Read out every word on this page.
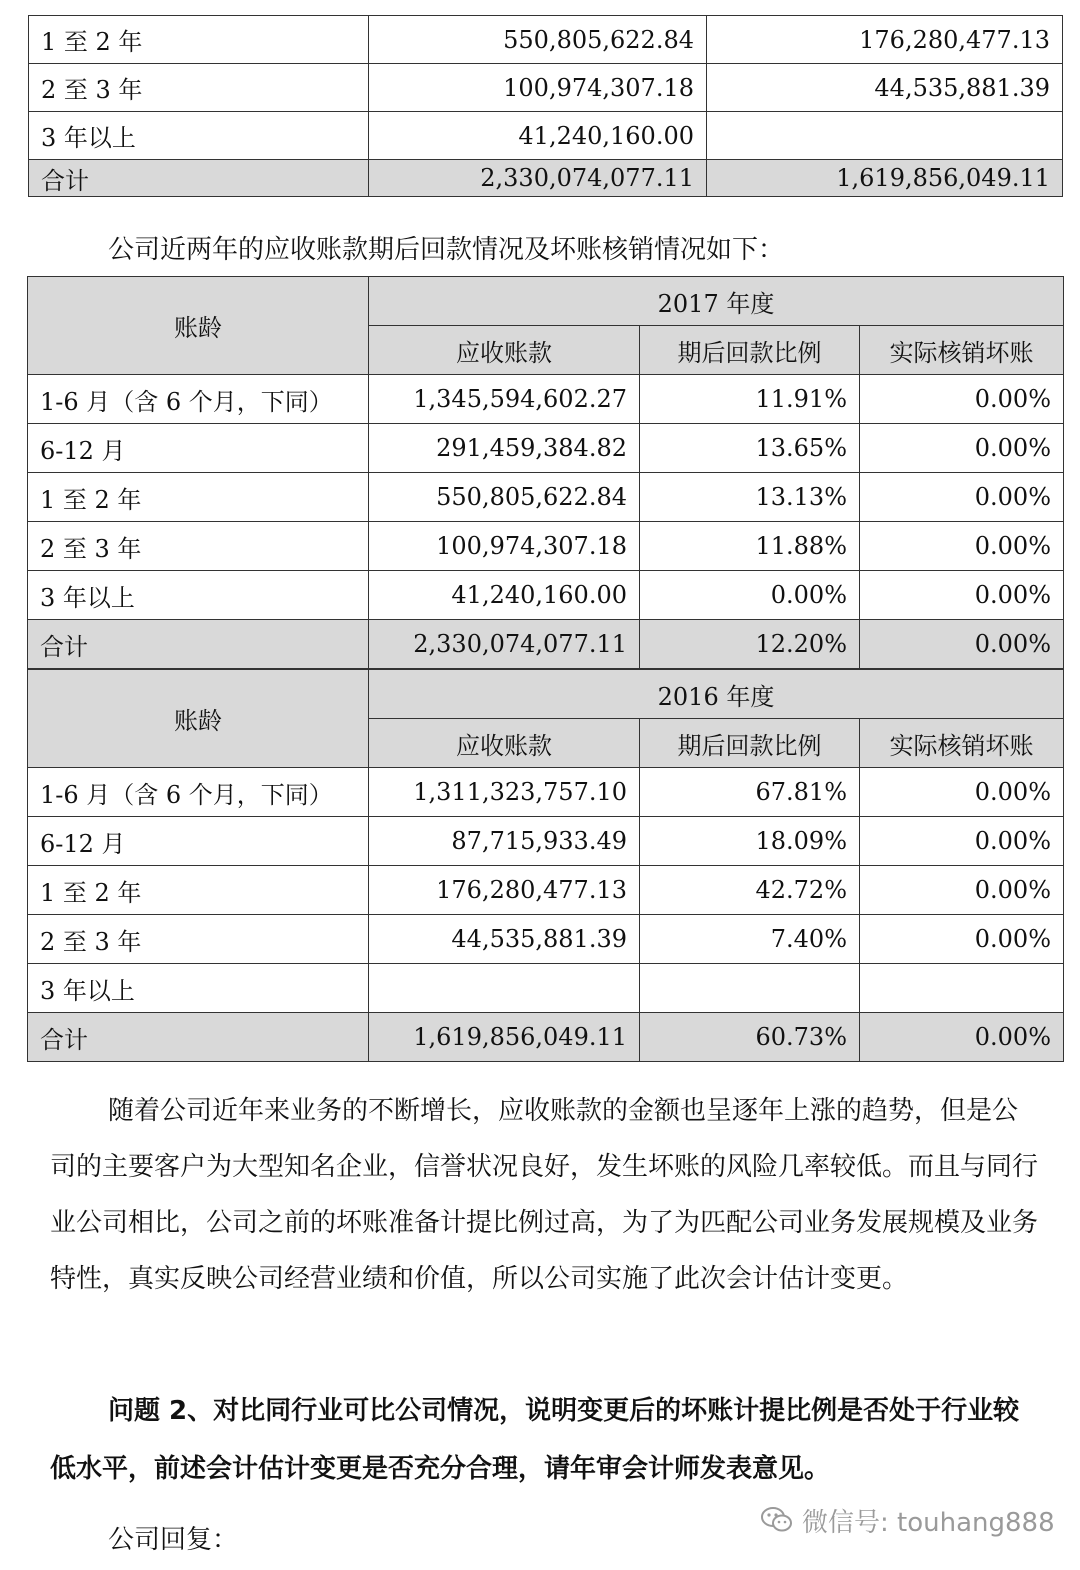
1 至 2 年	550,805,622.84	176,280,477.13
2 至 3 年	100,974,307.18	44,535,881.39
3 年以上	41,240,160.00	
合计	2,330,074,077.11	1,619,856,049.11

公司近两年的应收账款期后回款情况及坏账核销情况如下：

账龄	2017 年度		
	应收账款	期后回款比例	实际核销坏账
1-6 月（含 6 个月，下同）	1,345,594,602.27	11.91%	0.00%
6-12 月	291,459,384.82	13.65%	0.00%
1 至 2 年	550,805,622.84	13.13%	0.00%
2 至 3 年	100,974,307.18	11.88%	0.00%
3 年以上	41,240,160.00	0.00%	0.00%
合计	2,330,074,077.11	12.20%	0.00%
账龄	2016 年度		
	应收账款	期后回款比例	实际核销坏账
1-6 月（含 6 个月，下同）	1,311,323,757.10	67.81%	0.00%
6-12 月	87,715,933.49	18.09%	0.00%
1 至 2 年	176,280,477.13	42.72%	0.00%
2 至 3 年	44,535,881.39	7.40%	0.00%
3 年以上			
合计	1,619,856,049.11	60.73%	0.00%

随着公司近年来业务的不断增长，应收账款的金额也呈逐年上涨的趋势，但是公司的主要客户为大型知名企业，信誉状况良好，发生坏账的风险几率较低。而且与同行业公司相比，公司之前的坏账准备计提比例过高，为了为匹配公司业务发展规模及业务特性，真实反映公司经营业绩和价值，所以公司实施了此次会计估计变更。

问题 2、对比同行业可比公司情况，说明变更后的坏账计提比例是否处于行业较低水平，前述会计估计变更是否充分合理，请年审会计师发表意见。

公司回复：

微信号: touhang888
